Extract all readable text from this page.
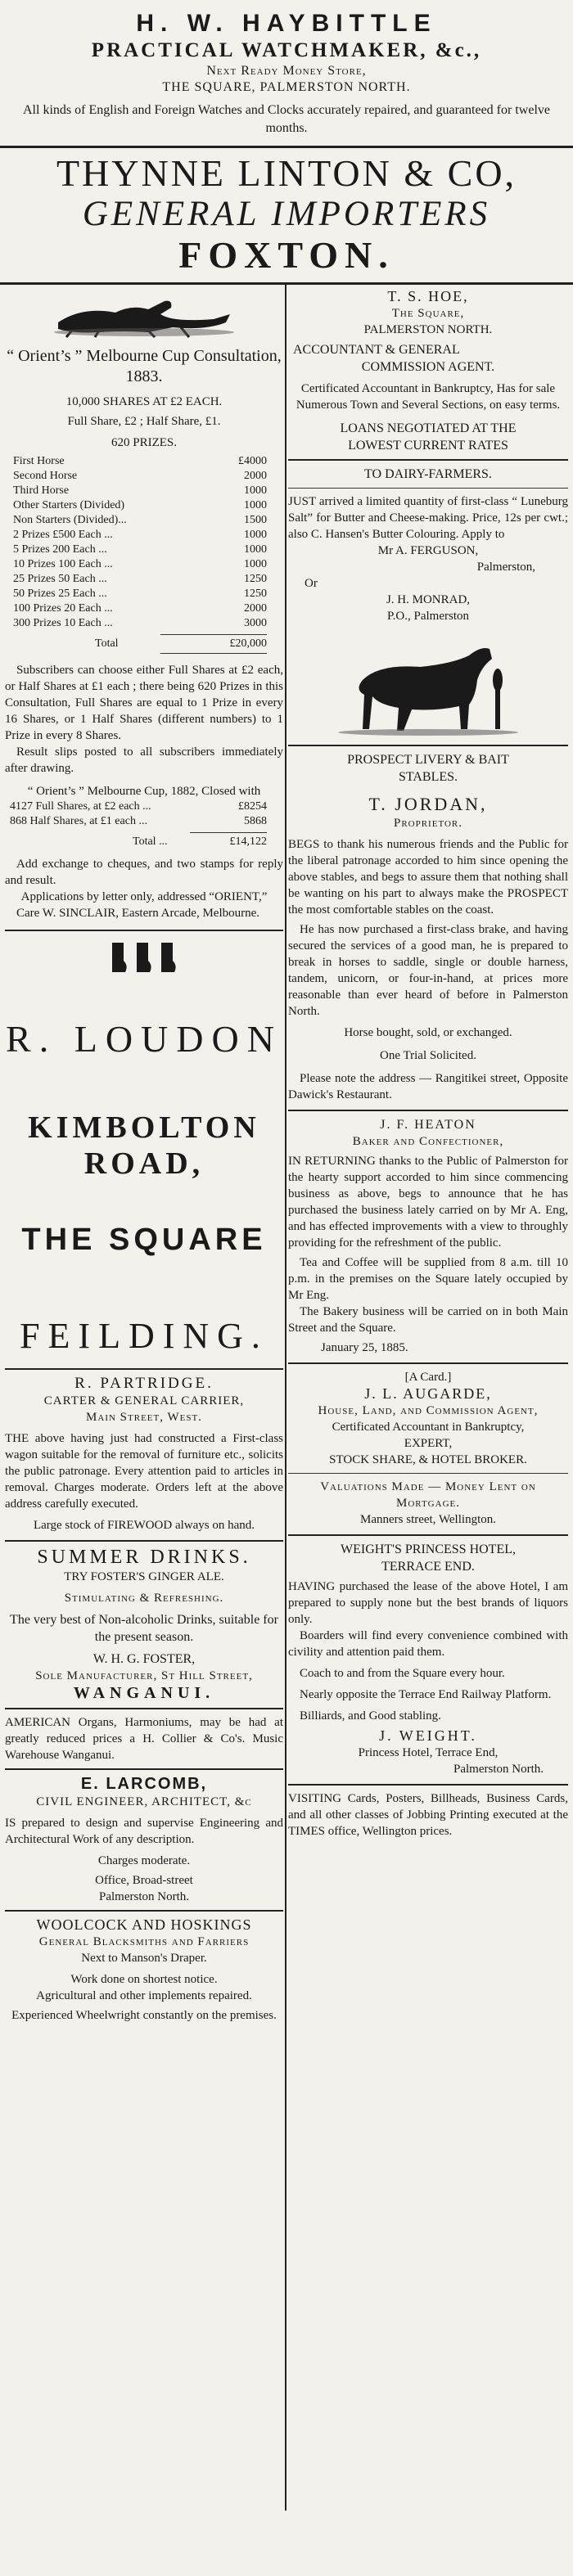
H. W. HAYBITTLE
PRACTICAL WATCHMAKER, &c.,
Next Ready Money Store,
THE SQUARE, PALMERSTON NORTH.
All kinds of English and Foreign Watches and Clocks accurately repaired, and guaranteed for twelve months.
THYNNE LINTON & CO,
GENERAL IMPORTERS
FOXTON.
“ Orient’s ” Melbourne Cup Consultation, 1883.
10,000 SHARES AT £2 EACH.
Full Share, £2 ; Half Share, £1.
620 PRIZES.
First Horse	£4000
Second Horse	2000
Third Horse	1000
Other Starters (Divided)	1000
Non Starters (Divided)...	1500
2 Prizes £500 Each ...	1000
5 Prizes 200 Each ...	1000
10 Prizes 100 Each ...	1000
25 Prizes 50 Each ...	1250
50 Prizes 25 Each ...	1250
100 Prizes 20 Each ...	2000
300 Prizes 10 Each ...	3000
Total	£20,000

Subscribers can choose either Full Shares at £2 each, or Half Shares at £1 each ; there being 620 Prizes in this Consultation, Full Shares are equal to 1 Prize in every 16 Shares, or 1 Half Shares (different numbers) to 1 Prize in every 8 Shares.

Result slips posted to all subscribers immediately after drawing.

“ Orient’s ” Melbourne Cup, 1882, Closed with

4127 Full Shares, at £2 each ...	£8254
868 Half Shares, at £1 each ...	5868
Total ...	£14,122

Add exchange to cheques, and two stamps for reply and result.

Applications by letter only, addressed “ORIENT,”

Care W. SINCLAIR, Eastern Arcade, Melbourne.

R. LOUDON
KIMBOLTON ROAD,
THE SQUARE
FEILDING.
R. PARTRIDGE.
CARTER & GENERAL CARRIER,
Main Street, West.

THE above having just had constructed a First-class wagon suitable for the removal of furniture etc., solicits the public patronage. Every attention paid to articles in removal. Charges moderate. Orders left at the above address carefully executed.

Large stock of FIREWOOD always on hand.

SUMMER DRINKS.
TRY FOSTER'S GINGER ALE.
Stimulating & Refreshing.

The very best of Non-alcoholic Drinks, suitable for the present season.

W. H. G. FOSTER,
Sole Manufacturer, St Hill Street,
WANGANUI.

AMERICAN Organs, Harmoniums, may be had at greatly reduced prices a H. Collier & Co's. Music Warehouse Wanganui.

E. LARCOMB,
CIVIL ENGINEER, ARCHITECT, &c

IS prepared to design and supervise Engineering and Architectural Work of any description.

Charges moderate.
Office, Broad-street
Palmerston North.
WOOLCOCK AND HOSKINGS
General Blacksmiths and Farriers
Next to Manson's Draper.

Work done on shortest notice.

Agricultural and other implements repaired.

Experienced Wheelwright constantly on the premises.

T. S. HOE,
The Square,
PALMERSTON NORTH.
ACCOUNTANT & GENERAL
COMMISSION AGENT.

Certificated Accountant in Bankruptcy, Has for sale Numerous Town and Several Sections, on easy terms.

LOANS NEGOTIATED AT THE
LOWEST CURRENT RATES
TO DAIRY-FARMERS.

JUST arrived a limited quantity of first-class “ Luneburg Salt” for Butter and Cheese-making. Price, 12s per cwt.; also C. Hansen's Butter Colouring. Apply to

Mr A. FERGUSON,
Palmerston,
Or
J. H. MONRAD,
P.O., Palmerston
PROSPECT LIVERY & BAIT
STABLES.
T. JORDAN,
Proprietor.

BEGS to thank his numerous friends and the Public for the liberal patronage accorded to him since opening the above stables, and begs to assure them that nothing shall be wanting on his part to always make the PROSPECT the most comfortable stables on the coast.

He has now purchased a first-class brake, and having secured the services of a good man, he is prepared to break in horses to saddle, single or double harness, tandem, unicorn, or four-in-hand, at prices more reasonable than ever heard of before in Palmerston North.

Horse bought, sold, or exchanged.

One Trial Solicited.

Please note the address — Rangitikei street, Opposite Dawick's Restaurant.

J. F. HEATON
Baker and Confectioner,

IN RETURNING thanks to the Public of Palmerston for the hearty support accorded to him since commencing business as above, begs to announce that he has purchased the business lately carried on by Mr A. Eng, and has effected improvements with a view to throughly providing for the refreshment of the public.

Tea and Coffee will be supplied from 8 a.m. till 10 p.m. in the premises on the Square lately occupied by Mr Eng.

The Bakery business will be carried on in both Main Street and the Square.

January 25, 1885.

[A Card.]
J. L. AUGARDE,
House, Land, and Commission Agent,
Certificated Accountant in Bankruptcy,
EXPERT,
STOCK SHARE, & HOTEL BROKER.
Valuations Made — Money Lent on Mortgage.
Manners street, Wellington.
WEIGHT'S PRINCESS HOTEL,
TERRACE END.

HAVING purchased the lease of the above Hotel, I am prepared to supply none but the best brands of liquors only.

Boarders will find every convenience combined with civility and attention paid them.

Coach to and from the Square every hour.

Nearly opposite the Terrace End Railway Platform.

Billiards, and Good stabling.

J. WEIGHT.
Princess Hotel, Terrace End,
Palmerston North.

VISITING Cards, Posters, Billheads, Business Cards, and all other classes of Jobbing Printing executed at the TIMES office, Wellington prices.
